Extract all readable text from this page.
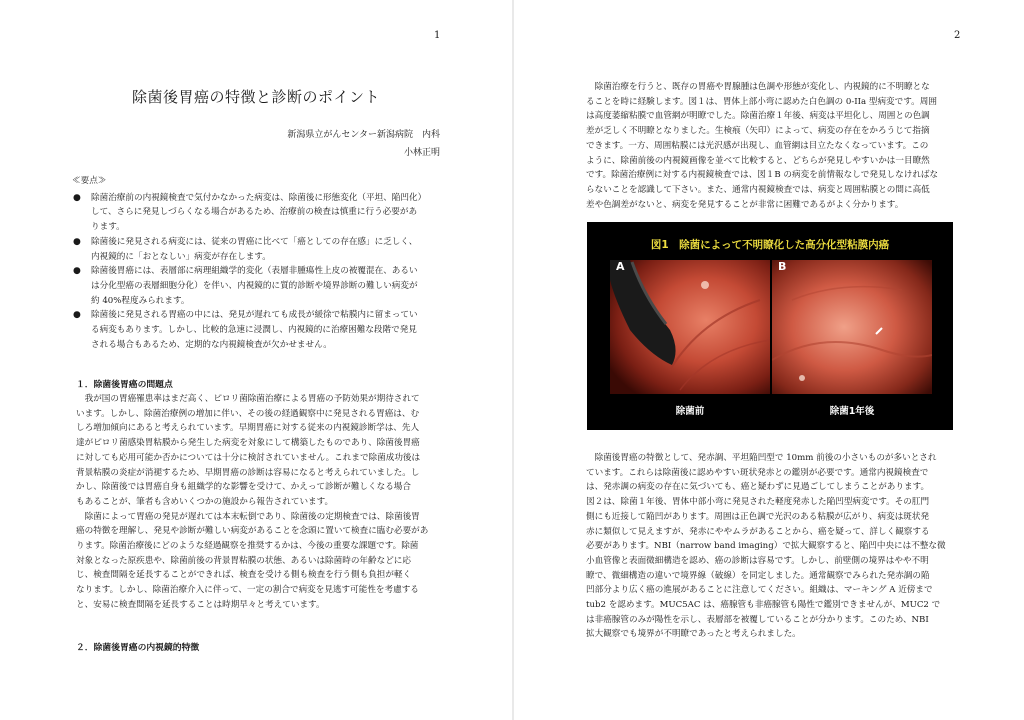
1
除菌後胃癌の特徴と診断のポイント
新潟県立がんセンター新潟病院　内科
小林正明
≪要点≫
● 除菌治療前の内視鏡検査で気付かなかった病変は、除菌後に形態変化（平坦、陥凹化）
して、さらに発見しづらくなる場合があるため、治療前の検査は慎重に行う必要があ
ります。
● 除菌後に発見される病変には、従来の胃癌に比べて「癌としての存在感」に乏しく、
内視鏡的に「おとなしい」病変が存在します。
● 除菌後胃癌には、表層部に病理組織学的変化（表層非腫瘍性上皮の被覆混在、あるい
は分化型癌の表層細胞分化）を伴い、内視鏡的に質的診断や境界診断の難しい病変が
約 40%程度みられます。
● 除菌後に発見される胃癌の中には、発見が遅れても成長が緩徐で粘膜内に留まってい
る病変もあります。しかし、比較的急速に浸潤し、内視鏡的に治療困難な段階で発見
される場合もあるため、定期的な内視鏡検査が欠かせません。
１．除菌後胃癌の問題点
我が国の胃癌罹患率はまだ高く、ピロリ菌除菌治療による胃癌の予防効果が期待されて
います。しかし、除菌治療例の増加に伴い、その後の経過観察中に発見される胃癌は、む
しろ増加傾向にあると考えられています。早期胃癌に対する従来の内視鏡診断学は、先人
達がピロリ菌感染胃粘膜から発生した病変を対象にして構築したものであり、除菌後胃癌
に対しても応用可能か否かについては十分に検討されていません。これまで除菌成功後は
背景粘膜の炎症が消褪するため、早期胃癌の診断は容易になると考えられていました。し
かし、除菌後では胃癌自身も組織学的な影響を受けて、かえって診断が難しくなる場合
もあることが、筆者も含めいくつかの施設から報告されています。
除菌によって胃癌の発見が遅れては本末転倒であり、除菌後の定期検査では、除菌後胃
癌の特徴を理解し、発見や診断が難しい病変があることを念頭に置いて検査に臨む必要があ
ります。除菌治療後にどのような経過観察を推奨するかは、今後の重要な課題です。除菌
対象となった原疾患や、除菌前後の背景胃粘膜の状態、あるいは除菌時の年齢などに応
じ、検査間隔を延長することができれば、検査を受ける側も検査を行う側も負担が軽く
なります。しかし、除菌治療介入に伴って、一定の割合で病変を見逃す可能性を考慮する
と、安易に検査間隔を延長することは時期早々と考えています。
２．除菌後胃癌の内視鏡的特徴
2
除菌治療を行うと、既存の胃癌や胃腺腫は色調や形態が変化し、内視鏡的に不明瞭とな
ることを時に経験します。図１は、胃体上部小弯に認めた白色調の 0-IIa 型病変です。周囲
は高度萎縮粘膜で血管網が明瞭でした。除菌治療１年後、病変は平坦化し、周囲との色調
差が乏しく不明瞭となりました。生検痕（矢印）によって、病変の存在をかろうじて指摘
できます。一方、周囲粘膜には光沢感が出現し、血管網は目立たなくなっています。この
ように、除菌前後の内視鏡画像を並べて比較すると、どちらが発見しやすいかは一目瞭然
です。除菌治療例に対する内視鏡検査では、図１B の病変を前情報なしで発見しなければな
らないことを認識して下さい。また、通常内視鏡検査では、病変と周囲粘膜との間に高低
差や色調差がないと、病変を発見することが非常に困難であるがよく分かります。
図1　除菌によって不明瞭化した高分化型粘膜内癌
A	B
除菌前	除菌1年後
除菌後胃癌の特徴として、発赤調、平坦陥凹型で 10mm 前後の小さいものが多いとされ
ています。これらは除菌後に認めやすい斑状発赤との鑑別が必要です。通常内視鏡検査で
は、発赤調の病変の存在に気づいても、癌と疑わずに見過ごしてしまうことがあります。
図２は、除菌１年後、胃体中部小弯に発見された軽度発赤した陥凹型病変です。その肛門
側にも近接して陥凹があります。周囲は正色調で光沢のある粘膜が広がり、病変は斑状発
赤に類似して見えますが、発赤にややムラがあることから、癌を疑って、詳しく観察する
必要があります。NBI（narrow band imaging）で拡大観察すると、陥凹中央には不整な微
小血管像と表面微細構造を認め、癌の診断は容易です。しかし、前壁側の境界はやや不明
瞭で、微細構造の違いで境界線（破線）を同定しました。通常観察でみられた発赤調の陥
凹部分より広く癌の進展があることに注意してください。組織は、マーキング A 近傍まで
tub2 を認めます。MUC5AC は、癌腺管も非癌腺管も陽性で鑑別できませんが、MUC2 で
は非癌腺管のみが陽性を示し、表層部を被覆していることが分かります。このため、NBI
拡大観察でも境界が不明瞭であったと考えられました。
